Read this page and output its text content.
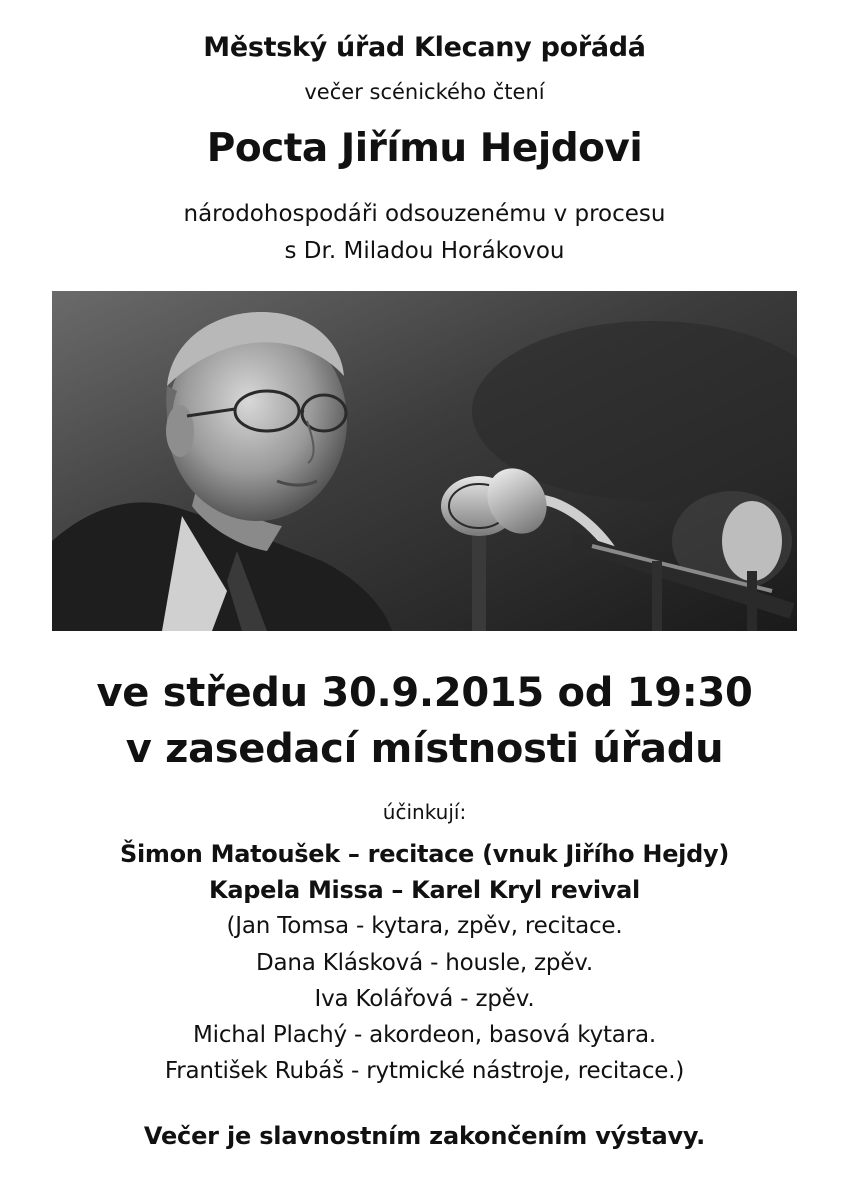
Městský úřad Klecany pořádá
večer scénického čtení
Pocta Jiřímu Hejdovi
národohospodáři odsouzenému v procesu
s Dr. Miladou Horákovou
ve středu 30.9.2015 od 19:30
v zasedací místnosti úřadu
účinkují:
Šimon Matoušek – recitace (vnuk Jiřího Hejdy)
Kapela Missa – Karel Kryl revival
(Jan Tomsa - kytara, zpěv, recitace.
Dana Klásková - housle, zpěv.
Iva Kolářová - zpěv.
Michal Plachý - akordeon, basová kytara.
František Rubáš - rytmické nástroje, recitace.)
Večer je slavnostním zakončením výstavy.
